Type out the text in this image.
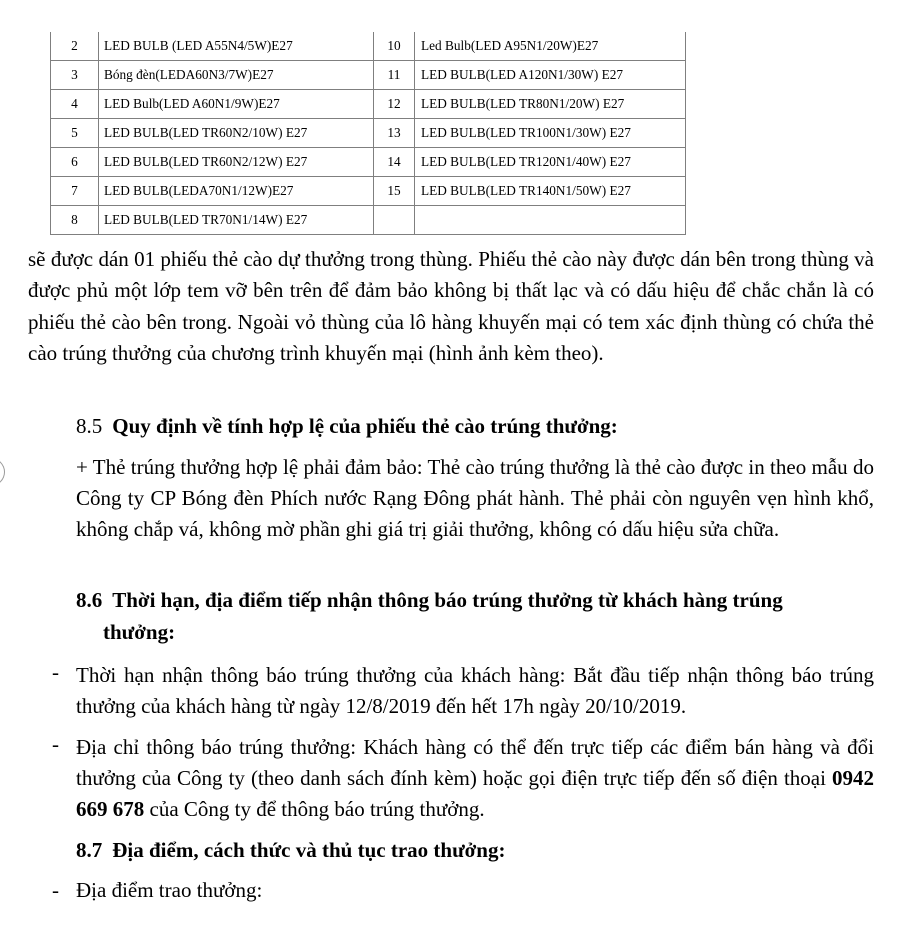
2	LED BULB (LED A55N4/5W)E27	10	Led Bulb(LED A95N1/20W)E27
3	Bóng đèn(LEDA60N3/7W)E27	11	LED BULB(LED A120N1/30W) E27
4	LED Bulb(LED A60N1/9W)E27	12	LED BULB(LED TR80N1/20W) E27
5	LED BULB(LED TR60N2/10W) E27	13	LED BULB(LED TR100N1/30W) E27
6	LED BULB(LED TR60N2/12W) E27	14	LED BULB(LED TR120N1/40W) E27
7	LED BULB(LEDA70N1/12W)E27	15	LED BULB(LED TR140N1/50W) E27
8	LED BULB(LED TR70N1/14W) E27		

sẽ được dán 01 phiếu thẻ cào dự thưởng trong thùng. Phiếu thẻ cào này được dán bên trong thùng và được phủ một lớp tem vỡ bên trên để đảm bảo không bị thất lạc và có dấu hiệu để chắc chắn là có phiếu thẻ cào bên trong. Ngoài vỏ thùng của lô hàng khuyến mại có tem xác định thùng có chứa thẻ cào trúng thưởng của chương trình khuyến mại (hình ảnh kèm theo).

8.5 Quy định về tính hợp lệ của phiếu thẻ cào trúng thưởng:

+ Thẻ trúng thưởng hợp lệ phải đảm bảo: Thẻ cào trúng thưởng là thẻ cào được in theo mẫu do Công ty CP Bóng đèn Phích nước Rạng Đông phát hành. Thẻ phải còn nguyên vẹn hình khổ, không chắp vá, không mờ phần ghi giá trị giải thưởng, không có dấu hiệu sửa chữa.

8.6 Thời hạn, địa điểm tiếp nhận thông báo trúng thưởng từ khách hàng trúng

thưởng:

- Thời hạn nhận thông báo trúng thưởng của khách hàng: Bắt đầu tiếp nhận thông báo trúng thưởng của khách hàng từ ngày 12/8/2019 đến hết 17h ngày 20/10/2019.

- Địa chỉ thông báo trúng thưởng: Khách hàng có thể đến trực tiếp các điểm bán hàng và đổi thưởng của Công ty (theo danh sách đính kèm) hoặc gọi điện trực tiếp đến số điện thoại 0942 669 678 của Công ty để thông báo trúng thưởng.

8.7 Địa điểm, cách thức và thủ tục trao thưởng:

- Địa điểm trao thưởng:
